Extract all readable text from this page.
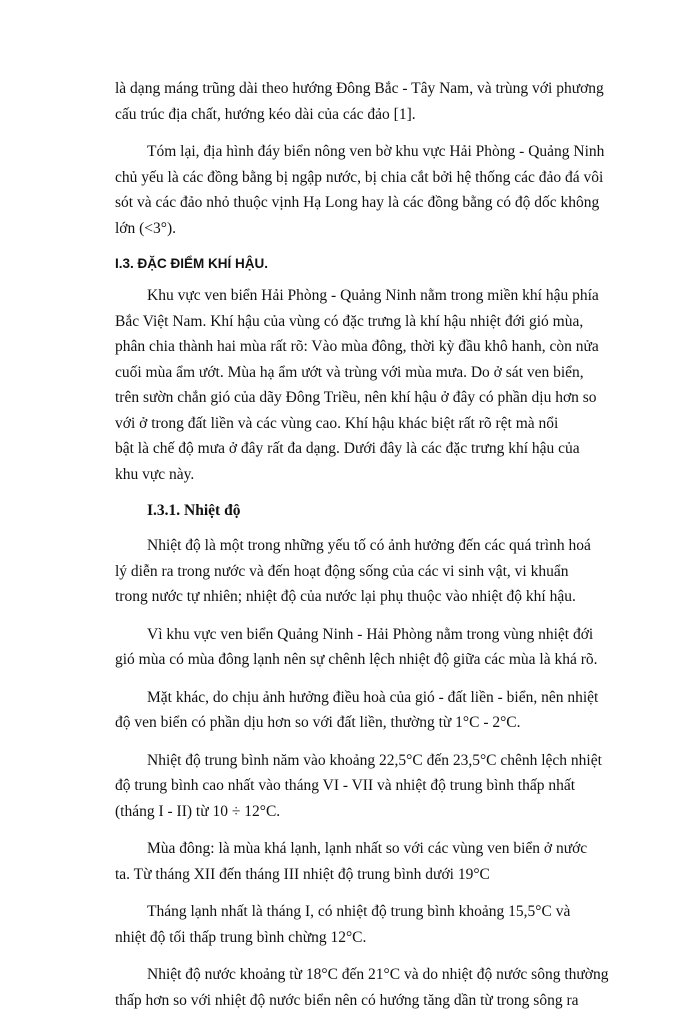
là dạng máng trũng dài theo hướng Đông Bắc - Tây Nam, và trùng với phương
cấu trúc địa chất, hướng kéo dài của các đảo [1].

Tóm lại, địa hình đáy biển nông ven bờ khu vực Hải Phòng - Quảng Ninh
chủ yếu là các đồng bằng bị ngập nước, bị chia cắt bởi hệ thống các đảo đá vôi
sót và các đảo nhỏ thuộc vịnh Hạ Long hay là các đồng bằng có độ dốc không
lớn (<3°).

I.3. ĐẶC ĐIỂM KHÍ HẬU.

Khu vực ven biển Hải Phòng - Quảng Ninh nằm trong miền khí hậu phía
Bắc Việt Nam. Khí hậu của vùng có đặc trưng là khí hậu nhiệt đới gió mùa,
phân chia thành hai mùa rất rõ: Vào mùa đông, thời kỳ đầu khô hanh, còn nửa
cuối mùa ẩm ướt. Mùa hạ ẩm ướt và trùng với mùa mưa. Do ở sát ven biển,
trên sườn chắn gió của dãy Đông Triều, nên khí hậu ở đây có phần dịu hơn so
với ở trong đất liền và các vùng cao. Khí hậu khác biệt rất rõ rệt mà nổi
bật là chế độ mưa ở đây rất đa dạng. Dưới đây là các đặc trưng khí hậu của
khu vực này.

I.3.1. Nhiệt độ

Nhiệt độ là một trong những yếu tố có ảnh hưởng đến các quá trình hoá
lý diễn ra trong nước và đến hoạt động sống của các vi sinh vật, vi khuẩn
trong nước tự nhiên; nhiệt độ của nước lại phụ thuộc vào nhiệt độ khí hậu.

Vì khu vực ven biển Quảng Ninh - Hải Phòng nằm trong vùng nhiệt đới
gió mùa có mùa đông lạnh nên sự chênh lệch nhiệt độ giữa các mùa là khá rõ.

Mặt khác, do chịu ảnh hưởng điều hoà của gió - đất liền - biển, nên nhiệt
độ ven biển có phần dịu hơn so với đất liền, thường từ 1°C - 2°C.

Nhiệt độ trung bình năm vào khoảng 22,5°C đến 23,5°C chênh lệch nhiệt
độ trung bình cao nhất vào tháng VI - VII và nhiệt độ trung bình thấp nhất
(tháng I - II) từ 10 ÷ 12°C.

Mùa đông: là mùa khá lạnh, lạnh nhất so với các vùng ven biển ở nước
ta. Từ tháng XII đến tháng III nhiệt độ trung bình dưới 19°C

Tháng lạnh nhất là tháng I, có nhiệt độ trung bình khoảng 15,5°C và
nhiệt độ tối thấp trung bình chừng 12°C.

Nhiệt độ nước khoảng từ 18°C đến 21°C và do nhiệt độ nước sông thường
thấp hơn so với nhiệt độ nước biển nên có hướng tăng dần từ trong sông ra
